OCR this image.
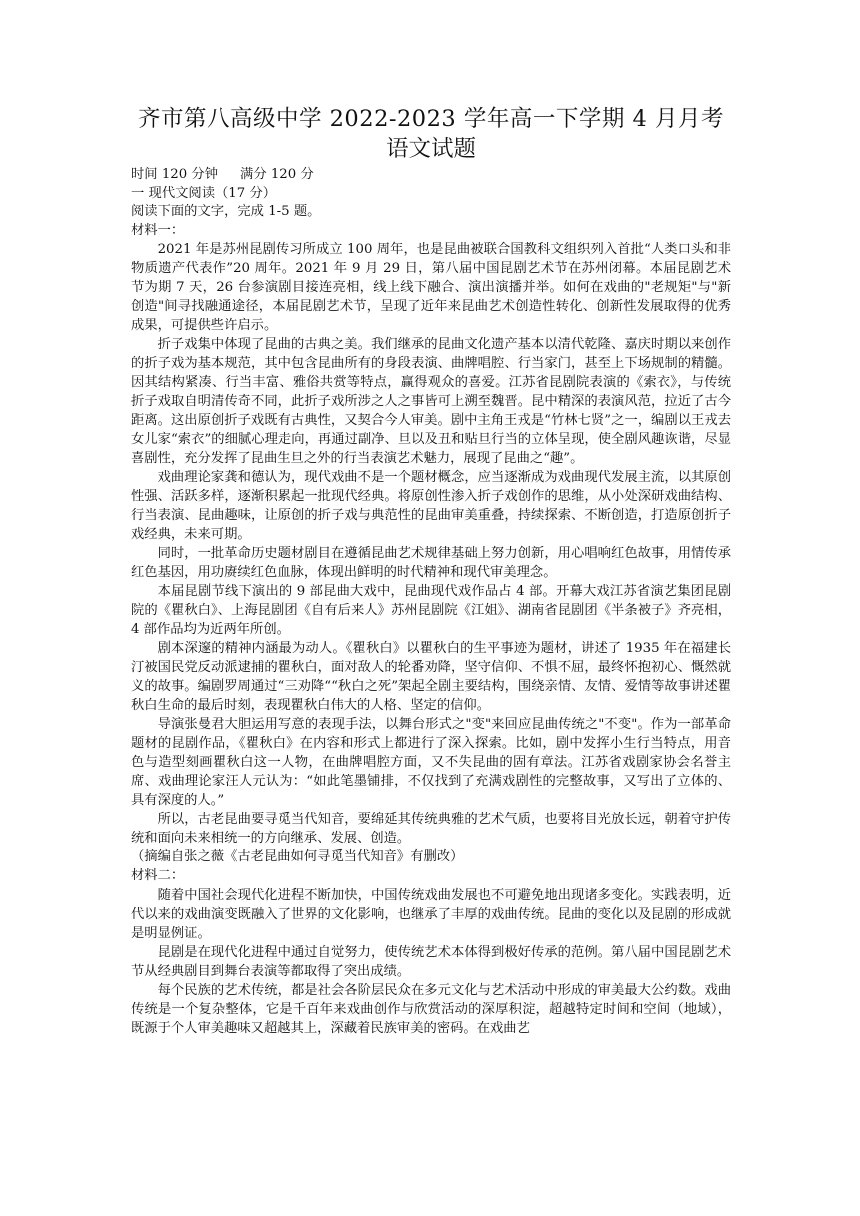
齐市第八高级中学 2022-2023 学年高一下学期 4 月月考
语文试题
时间 120 分钟 满分 120 分
一 现代文阅读（17 分）
阅读下面的文字，完成 1-5 题。
材料一：

2021 年是苏州昆剧传习所成立 100 周年，也是昆曲被联合国教科文组织列入首批“人类口头和非物质遗产代表作”20 周年。2021 年 9 月 29 日，第八届中国昆剧艺术节在苏州闭幕。本届昆剧艺术节为期 7 天，26 台参演剧目接连亮相，线上线下融合、演出演播并举。如何在戏曲的"老规矩"与"新创造"间寻找融通途径，本届昆剧艺术节，呈现了近年来昆曲艺术创造性转化、创新性发展取得的优秀成果，可提供些许启示。

折子戏集中体现了昆曲的古典之美。我们继承的昆曲文化遗产基本以清代乾隆、嘉庆时期以来创作的折子戏为基本规范，其中包含昆曲所有的身段表演、曲牌唱腔、行当家门，甚至上下场规制的精髓。因其结构紧凑、行当丰富、雅俗共赏等特点，赢得观众的喜爱。江苏省昆剧院表演的《索衣》，与传统折子戏取自明清传奇不同，此折子戏所涉之人之事皆可上溯至魏晋。昆中精深的表演风范，拉近了古今距离。这出原创折子戏既有古典性，又契合今人审美。剧中主角王戎是“竹林七贤”之一，编剧以王戎去女儿家“索衣”的细腻心理走向，再通过副净、旦以及丑和贴旦行当的立体呈现，使全剧风趣诙谐，尽显喜剧性，充分发挥了昆曲生旦之外的行当表演艺术魅力，展现了昆曲之“趣”。

戏曲理论家龚和德认为，现代戏曲不是一个题材概念，应当逐渐成为戏曲现代发展主流，以其原创性强、活跃多样，逐渐积累起一批现代经典。将原创性渗入折子戏创作的思维，从小处深研戏曲结构、行当表演、昆曲趣味，让原创的折子戏与典范性的昆曲审美重叠，持续探索、不断创造，打造原创折子戏经典，未来可期。

同时，一批革命历史题材剧目在遵循昆曲艺术规律基础上努力创新，用心唱响红色故事，用情传承红色基因，用功赓续红色血脉，体现出鲜明的时代精神和现代审美理念。

本届昆剧节线下演出的 9 部昆曲大戏中，昆曲现代戏作品占 4 部。开幕大戏江苏省演艺集团昆剧院的《瞿秋白》、上海昆剧团《自有后来人》苏州昆剧院《江姐》、湖南省昆剧团《半条被子》齐亮相，4 部作品均为近两年所创。

剧本深邃的精神内涵最为动人。《瞿秋白》以瞿秋白的生平事迹为题材，讲述了 1935 年在福建长汀被国民党反动派逮捕的瞿秋白，面对敌人的轮番劝降，坚守信仰、不惧不屈，最终怀抱初心、慨然就义的故事。编剧罗周通过“三劝降““秋白之死”架起全剧主要结构，围绕亲情、友情、爱情等故事讲述瞿秋白生命的最后时刻，表现瞿秋白伟大的人格、坚定的信仰。

导演张曼君大胆运用写意的表现手法，以舞台形式之"变"来回应昆曲传统之"不变"。作为一部革命题材的昆剧作品，《瞿秋白》在内容和形式上都进行了深入探索。比如，剧中发挥小生行当特点，用音色与造型刻画瞿秋白这一人物，在曲牌唱腔方面，又不失昆曲的固有章法。江苏省戏剧家协会名誉主席、戏曲理论家汪人元认为：“如此笔墨铺排，不仅找到了充满戏剧性的完整故事，又写出了立体的、具有深度的人。”

所以，古老昆曲要寻觅当代知音，要绵延其传统典雅的艺术气质，也要将目光放长远，朝着守护传统和面向未来相统一的方向继承、发展、创造。

（摘编自张之薇《古老昆曲如何寻觅当代知音》有删改）
材料二：

随着中国社会现代化进程不断加快，中国传统戏曲发展也不可避免地出现诸多变化。实践表明，近代以来的戏曲演变既融入了世界的文化影响，也继承了丰厚的戏曲传统。昆曲的变化以及昆剧的形成就是明显例证。

昆剧是在现代化进程中通过自觉努力，使传统艺术本体得到极好传承的范例。第八届中国昆剧艺术节从经典剧目到舞台表演等都取得了突出成绩。

每个民族的艺术传统，都是社会各阶层民众在多元文化与艺术活动中形成的审美最大公约数。戏曲传统是一个复杂整体，它是千百年来戏曲创作与欣赏活动的深厚积淀，超越特定时间和空间（地域），既源于个人审美趣味又超越其上，深藏着民族审美的密码。在戏曲艺
